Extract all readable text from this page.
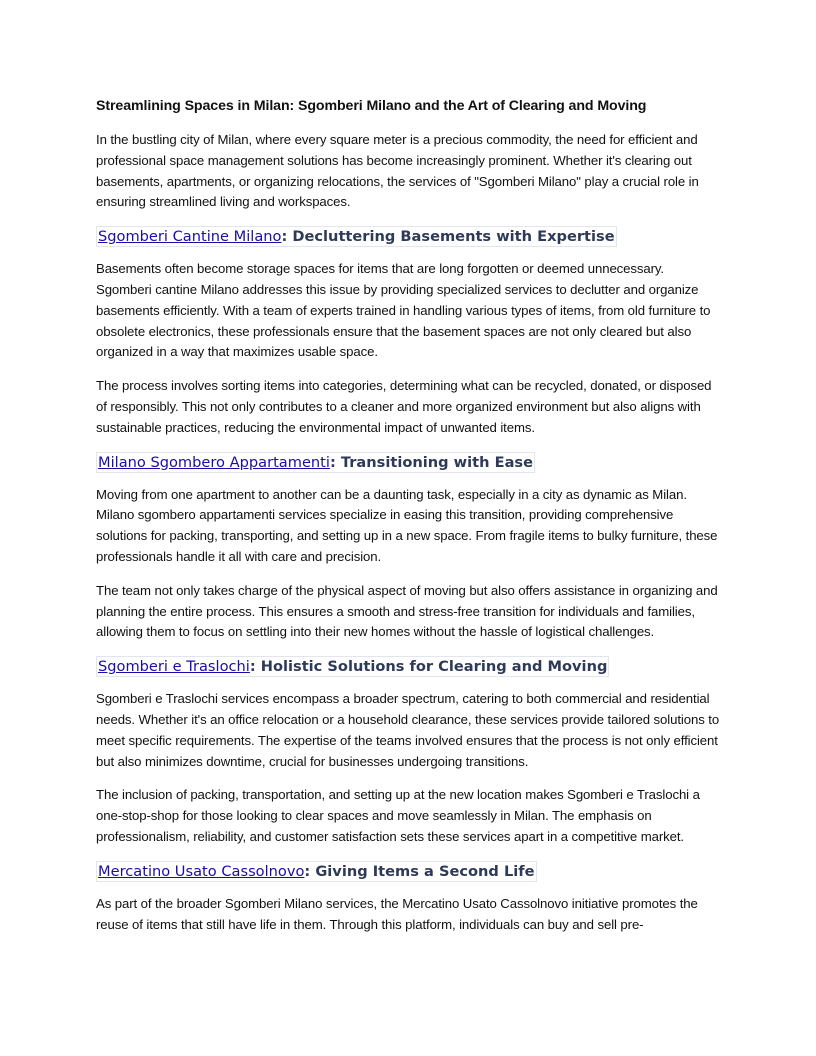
Streamlining Spaces in Milan: Sgomberi Milano and the Art of Clearing and Moving

In the bustling city of Milan, where every square meter is a precious commodity, the need for efficient and professional space management solutions has become increasingly prominent. Whether it's clearing out basements, apartments, or organizing relocations, the services of "Sgomberi Milano" play a crucial role in ensuring streamlined living and workspaces.

Sgomberi Cantine Milano: Decluttering Basements with Expertise

Basements often become storage spaces for items that are long forgotten or deemed unnecessary. Sgomberi cantine Milano addresses this issue by providing specialized services to declutter and organize basements efficiently. With a team of experts trained in handling various types of items, from old furniture to obsolete electronics, these professionals ensure that the basement spaces are not only cleared but also organized in a way that maximizes usable space.

The process involves sorting items into categories, determining what can be recycled, donated, or disposed of responsibly. This not only contributes to a cleaner and more organized environment but also aligns with sustainable practices, reducing the environmental impact of unwanted items.

Milano Sgombero Appartamenti: Transitioning with Ease

Moving from one apartment to another can be a daunting task, especially in a city as dynamic as Milan. Milano sgombero appartamenti services specialize in easing this transition, providing comprehensive solutions for packing, transporting, and setting up in a new space. From fragile items to bulky furniture, these professionals handle it all with care and precision.

The team not only takes charge of the physical aspect of moving but also offers assistance in organizing and planning the entire process. This ensures a smooth and stress-free transition for individuals and families, allowing them to focus on settling into their new homes without the hassle of logistical challenges.

Sgomberi e Traslochi: Holistic Solutions for Clearing and Moving

Sgomberi e Traslochi services encompass a broader spectrum, catering to both commercial and residential needs. Whether it's an office relocation or a household clearance, these services provide tailored solutions to meet specific requirements. The expertise of the teams involved ensures that the process is not only efficient but also minimizes downtime, crucial for businesses undergoing transitions.

The inclusion of packing, transportation, and setting up at the new location makes Sgomberi e Traslochi a one-stop-shop for those looking to clear spaces and move seamlessly in Milan. The emphasis on professionalism, reliability, and customer satisfaction sets these services apart in a competitive market.

Mercatino Usato Cassolnovo: Giving Items a Second Life

As part of the broader Sgomberi Milano services, the Mercatino Usato Cassolnovo initiative promotes the reuse of items that still have life in them. Through this platform, individuals can buy and sell pre-
